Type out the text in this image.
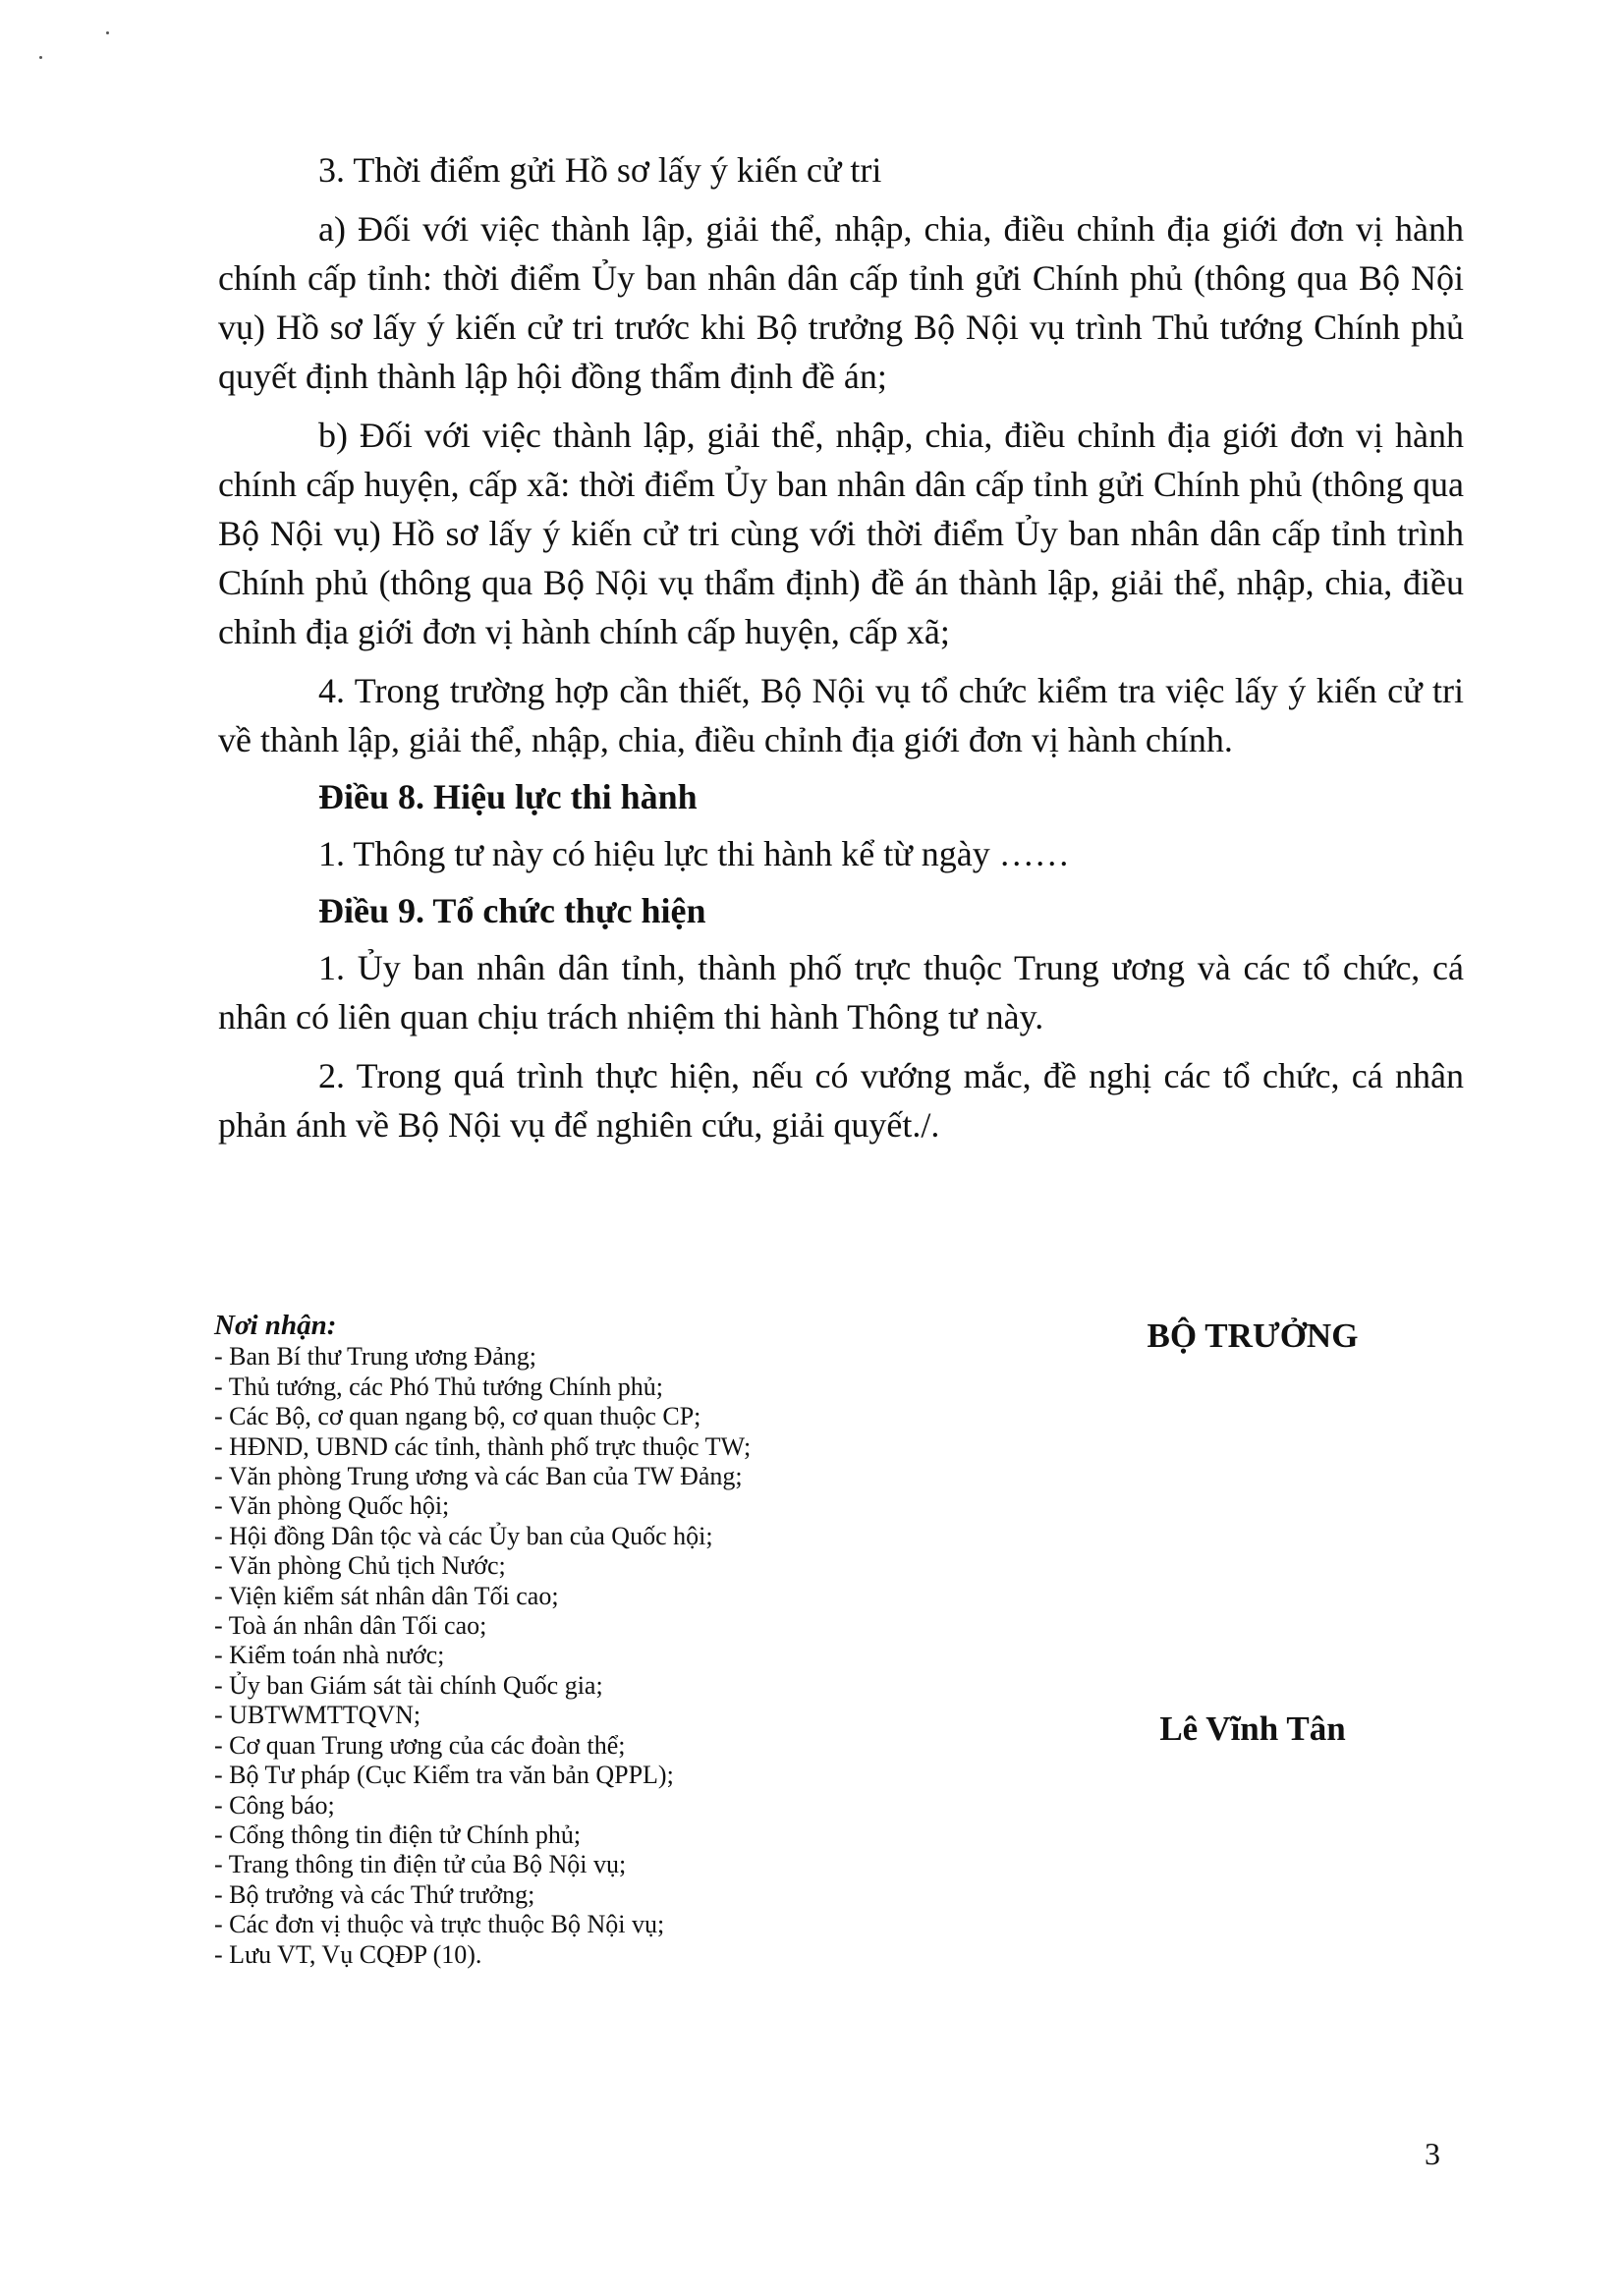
3. Thời điểm gửi Hồ sơ lấy ý kiến cử tri

a) Đối với việc thành lập, giải thể, nhập, chia, điều chỉnh địa giới đơn vị hành chính cấp tỉnh: thời điểm Ủy ban nhân dân cấp tỉnh gửi Chính phủ (thông qua Bộ Nội vụ) Hồ sơ lấy ý kiến cử tri trước khi Bộ trưởng Bộ Nội vụ trình Thủ tướng Chính phủ quyết định thành lập hội đồng thẩm định đề án;

b) Đối với việc thành lập, giải thể, nhập, chia, điều chỉnh địa giới đơn vị hành chính cấp huyện, cấp xã: thời điểm Ủy ban nhân dân cấp tỉnh gửi Chính phủ (thông qua Bộ Nội vụ) Hồ sơ lấy ý kiến cử tri cùng với thời điểm Ủy ban nhân dân cấp tỉnh trình Chính phủ (thông qua Bộ Nội vụ thẩm định) đề án thành lập, giải thể, nhập, chia, điều chỉnh địa giới đơn vị hành chính cấp huyện, cấp xã;

4. Trong trường hợp cần thiết, Bộ Nội vụ tổ chức kiểm tra việc lấy ý kiến cử tri về thành lập, giải thể, nhập, chia, điều chỉnh địa giới đơn vị hành chính.

Điều 8. Hiệu lực thi hành

1. Thông tư này có hiệu lực thi hành kể từ ngày ……

Điều 9. Tổ chức thực hiện

1. Ủy ban nhân dân tỉnh, thành phố trực thuộc Trung ương và các tổ chức, cá nhân có liên quan chịu trách nhiệm thi hành Thông tư này.

2. Trong quá trình thực hiện, nếu có vướng mắc, đề nghị các tổ chức, cá nhân phản ánh về Bộ Nội vụ để nghiên cứu, giải quyết./.

Nơi nhận:
- Ban Bí thư Trung ương Đảng;
- Thủ tướng, các Phó Thủ tướng Chính phủ;
- Các Bộ, cơ quan ngang bộ, cơ quan thuộc CP;
- HĐND, UBND các tỉnh, thành phố trực thuộc TW;
- Văn phòng Trung ương và các Ban của TW Đảng;
- Văn phòng Quốc hội;
- Hội đồng Dân tộc và các Ủy ban của Quốc hội;
- Văn phòng Chủ tịch Nước;
- Viện kiểm sát nhân dân Tối cao;
- Toà án nhân dân Tối cao;
- Kiểm toán nhà nước;
- Ủy ban Giám sát tài chính Quốc gia;
- UBTWMTTQVN;
- Cơ quan Trung ương của các đoàn thể;
- Bộ Tư pháp (Cục Kiểm tra văn bản QPPL);
- Công báo;
- Cổng thông tin điện tử Chính phủ;
- Trang thông tin điện tử của Bộ Nội vụ;
- Bộ trưởng và các Thứ trưởng;
- Các đơn vị thuộc và trực thuộc Bộ Nội vụ;
- Lưu VT, Vụ CQĐP (10).
BỘ TRƯỞNG
Lê Vĩnh Tân
3
